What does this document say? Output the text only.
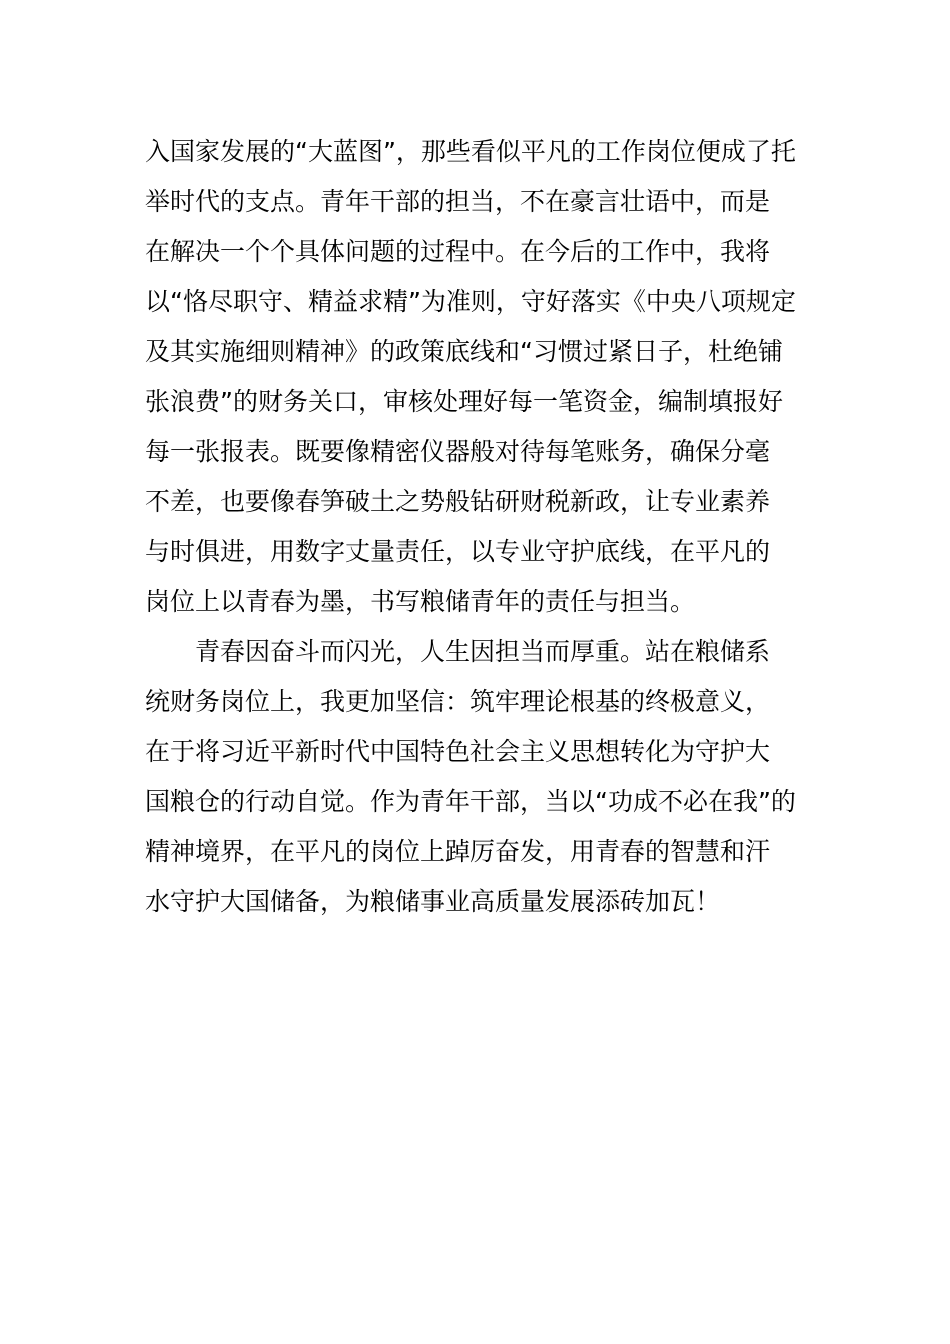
入国家发展的“大蓝图”，那些看似平凡的工作岗位便成了托
举时代的支点。青年干部的担当，不在豪言壮语中，而是
在解决一个个具体问题的过程中。在今后的工作中，我将
以“恪尽职守、精益求精”为准则，守好落实《中央八项规定
及其实施细则精神》的政策底线和“习惯过紧日子，杜绝铺
张浪费”的财务关口，审核处理好每一笔资金，编制填报好
每一张报表。既要像精密仪器般对待每笔账务，确保分毫
不差，也要像春笋破土之势般钻研财税新政，让专业素养
与时俱进，用数字丈量责任，以专业守护底线，在平凡的
岗位上以青春为墨，书写粮储青年的责任与担当。
青春因奋斗而闪光，人生因担当而厚重。站在粮储系
统财务岗位上，我更加坚信：筑牢理论根基的终极意义，
在于将习近平新时代中国特色社会主义思想转化为守护大
国粮仓的行动自觉。作为青年干部，当以“功成不必在我”的
精神境界，在平凡的岗位上踔厉奋发，用青春的智慧和汗
水守护大国储备，为粮储事业高质量发展添砖加瓦！
